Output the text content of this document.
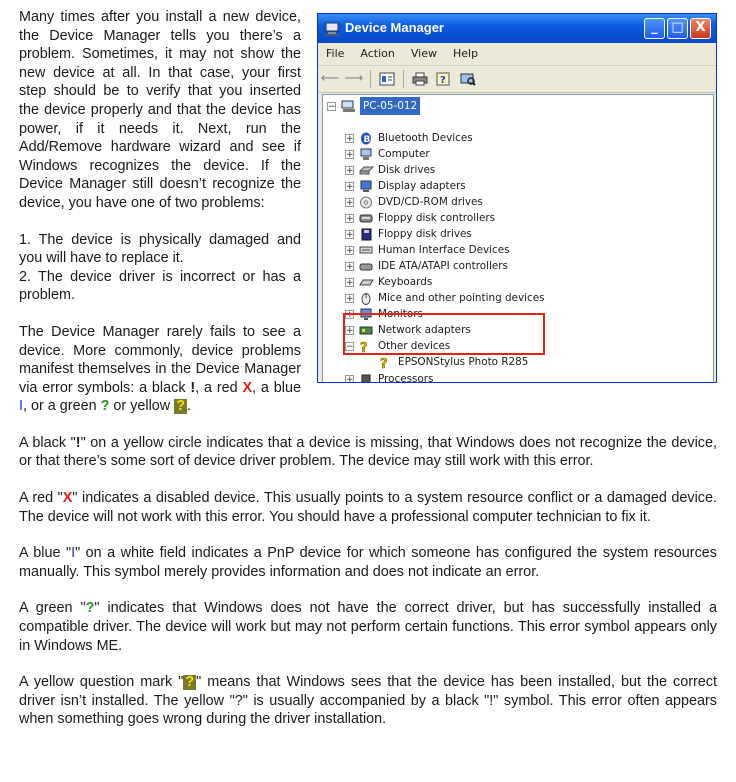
Device Manager	_	□ X
File	Action	View	Help
⟵ ⟶	?
−	PC-05-012
+ B Bluetooth Devices
+ Computer
+ Disk drives
+ Display adapters
+ DVD/CD-ROM drives
+ Floppy disk controllers
+ Floppy disk drives
+ Human Interface Devices
+ IDE ATA/ATAPI controllers
+ Keyboards
+ Mice and other pointing devices
+ Monitors
+ Network adapters
− ? Other devices
? EPSONStylus Photo R285
+ Processors

Many times after you install a new device, the Device Manager tells you there’s a problem. Sometimes, it may not show the new device at all. In that case, your first step should be to verify that you inserted the device properly and that the device has power, if it needs it. Next, run the Add/Remove hardware wizard and see if Windows recognizes the device. If the Device Manager still doesn’t recognize the device, you have one of two problems:

1. The device is physically damaged and you will have to replace it.

2. The device driver is incorrect or has a problem.

The Device Manager rarely fails to see a device. More commonly, device problems manifest themselves in the Device Manager via error symbols: a black !, a red X, a blue I, or a green ? or yellow ? .

A black "!" on a yellow circle indicates that a device is missing, that Windows does not recognize the device, or that there’s some sort of device driver problem. The device may still work with this error.

A red "X" indicates a disabled device. This usually points to a system resource conflict or a damaged device. The device will not work with this error. You should have a professional computer technician to fix it.

A blue "I" on a white field indicates a PnP device for which someone has configured the system resources manually. This symbol merely provides information and does not indicate an error.

A green "?" indicates that Windows does not have the correct driver, but has successfully installed a compatible driver. The device will work but may not perform certain functions. This error symbol appears only in Windows ME.

A yellow question mark " ? " means that Windows sees that the device has been installed, but the correct driver isn’t installed. The yellow "?" is usually accompanied by a black "!" symbol. This error often appears when something goes wrong during the driver installation.
